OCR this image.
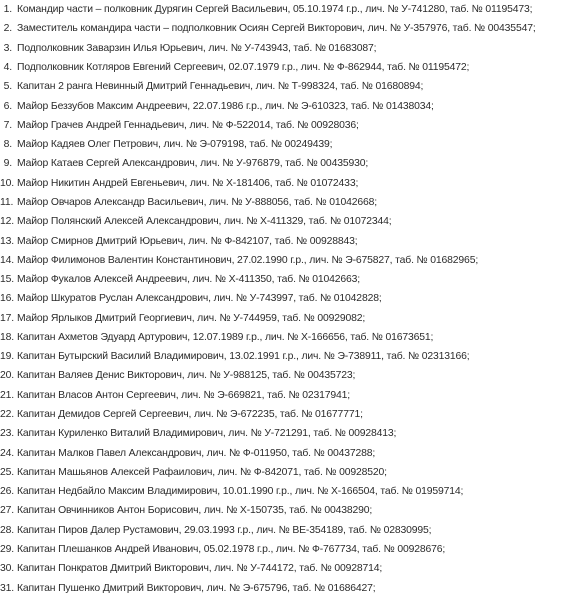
1. Командир части – полковник Дурягин Сергей Васильевич, 05.10.1974 г.р., лич. № У-741280, таб. № 01195473;
2. Заместитель командира части – подполковник Осиян Сергей Викторович, лич. № У-357976, таб. № 00435547;
3. Подполковник Заварзин Илья Юрьевич, лич. № У-743943, таб. № 01683087;
4. Подполковник Котляров Евгений Сергеевич, 02.07.1979 г.р., лич. № Ф-862944, таб. № 01195472;
5. Капитан 2 ранга Невинный Дмитрий Геннадьевич, лич. № Т-998324, таб. № 01680894;
6. Майор Беззубов Максим Андреевич, 22.07.1986 г.р., лич. № Э-610323, таб. № 01438034;
7. Майор Грачев Андрей Геннадьевич, лич. № Ф-522014, таб. № 00928036;
8. Майор Кадяев Олег Петрович, лич. № Э-079198, таб. № 00249439;
9. Майор Катаев Сергей Александрович, лич. № У-976879, таб. № 00435930;
10. Майор Никитин Андрей Евгеньевич, лич. № Х-181406, таб. № 01072433;
11. Майор Овчаров Александр Васильевич, лич. № У-888056, таб. № 01042668;
12. Майор Полянский Алексей Александрович, лич. № Х-411329, таб. № 01072344;
13. Майор Смирнов Дмитрий Юрьевич, лич. № Ф-842107, таб. № 00928843;
14. Майор Филимонов Валентин Константинович, 27.02.1990 г.р., лич. № Э-675827, таб. № 01682965;
15. Майор Фукалов Алексей Андреевич, лич. № Х-411350, таб. № 01042663;
16. Майор Шкуратов Руслан Александрович, лич. № У-743997, таб. № 01042828;
17. Майор Ярлыков Дмитрий Георгиевич, лич. № У-744959, таб. № 00929082;
18. Капитан Ахметов Эдуард Артурович, 12.07.1989 г.р., лич. № Х-166656, таб. № 01673651;
19. Капитан Бутырский Василий Владимирович, 13.02.1991 г.р., лич. № Э-738911, таб. № 02313166;
20. Капитан Валяев Денис Викторович, лич. № У-988125, таб. № 00435723;
21. Капитан Власов Антон Сергеевич, лич. № Э-669821, таб. № 02317941;
22. Капитан Демидов Сергей Сергеевич, лич. № Э-672235, таб. № 01677771;
23. Капитан Куриленко Виталий Владимирович, лич. № У-721291, таб. № 00928413;
24. Капитан Малков Павел Александрович, лич. № Ф-011950, таб. № 00437288;
25. Капитан Машьянов Алексей Рафаилович, лич. № Ф-842071, таб. № 00928520;
26. Капитан Недбайло Максим Владимирович, 10.01.1990 г.р., лич. № Х-166504, таб. № 01959714;
27. Капитан Овчинников Антон Борисович, лич. № Х-150735, таб. № 00438290;
28. Капитан Пиров Далер Рустамович, 29.03.1993 г.р., лич. № ВЕ-354189, таб. № 02830995;
29. Капитан Плешанков Андрей Иванович, 05.02.1978 г.р., лич. № Ф-767734, таб. № 00928676;
30. Капитан Понкратов Дмитрий Викторович, лич. № У-744172, таб. № 00928714;
31. Капитан Пушенко Дмитрий Викторович, лич. № Э-675796, таб. № 01686427;
